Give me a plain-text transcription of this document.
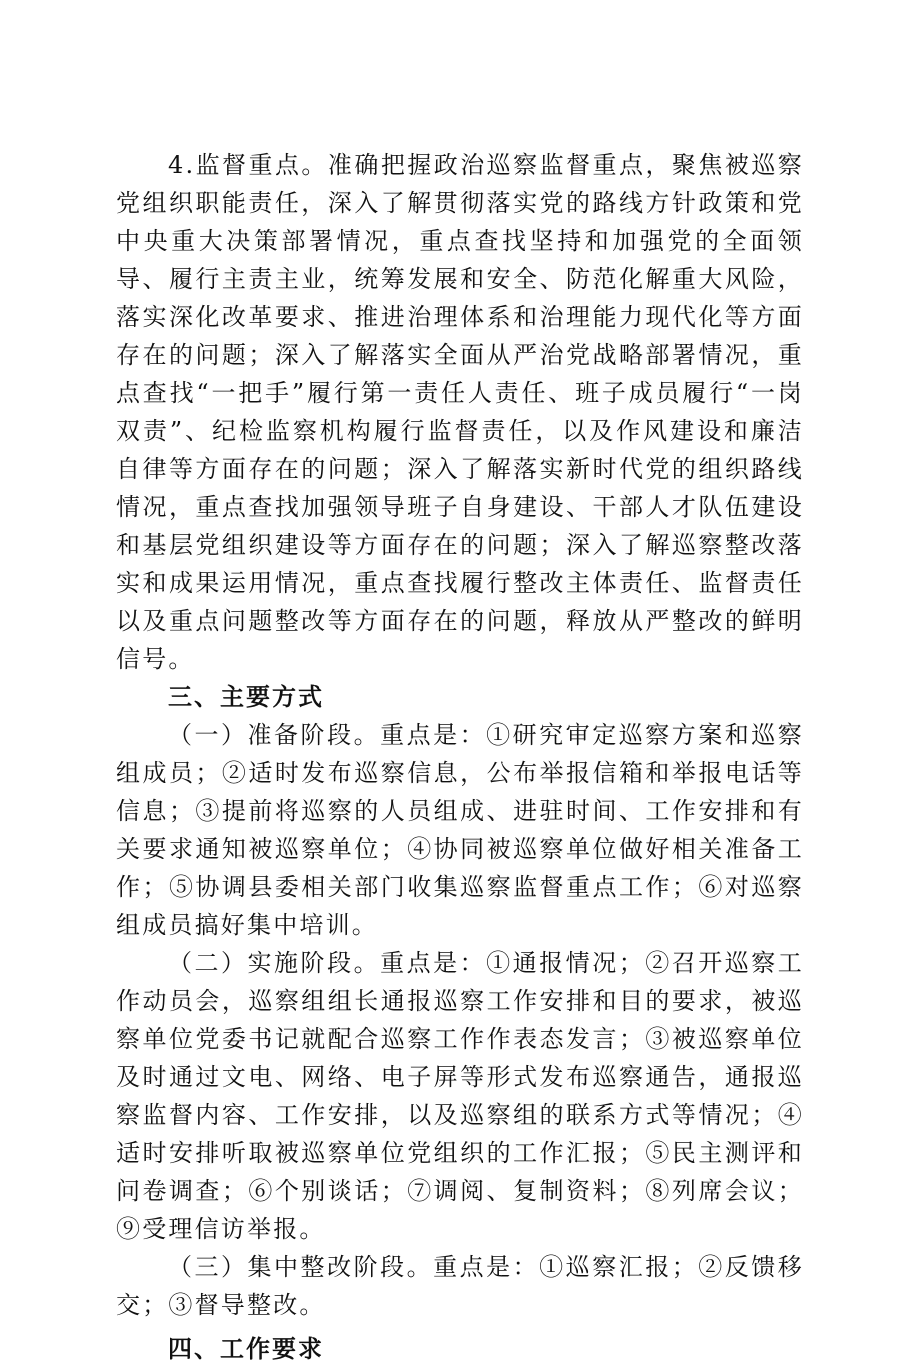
4.监督重点。准确把握政治巡察监督重点，聚焦被巡察党组织职能责任，深入了解贯彻落实党的路线方针政策和党中央重大决策部署情况，重点查找坚持和加强党的全面领导、履行主责主业，统筹发展和安全、防范化解重大风险，落实深化改革要求、推进治理体系和治理能力现代化等方面存在的问题；深入了解落实全面从严治党战略部署情况，重点查找“一把手”履行第一责任人责任、班子成员履行“一岗双责”、纪检监察机构履行监督责任，以及作风建设和廉洁自律等方面存在的问题；深入了解落实新时代党的组织路线情况，重点查找加强领导班子自身建设、干部人才队伍建设和基层党组织建设等方面存在的问题；深入了解巡察整改落实和成果运用情况，重点查找履行整改主体责任、监督责任以及重点问题整改等方面存在的问题，释放从严整改的鲜明信号。

三、主要方式

（一）准备阶段。重点是：①研究审定巡察方案和巡察组成员；②适时发布巡察信息，公布举报信箱和举报电话等信息；③提前将巡察的人员组成、进驻时间、工作安排和有关要求通知被巡察单位；④协同被巡察单位做好相关准备工作；⑤协调县委相关部门收集巡察监督重点工作；⑥对巡察组成员搞好集中培训。

（二）实施阶段。重点是：①通报情况；②召开巡察工作动员会，巡察组组长通报巡察工作安排和目的要求，被巡察单位党委书记就配合巡察工作作表态发言；③被巡察单位及时通过文电、网络、电子屏等形式发布巡察通告，通报巡察监督内容、工作安排，以及巡察组的联系方式等情况；④适时安排听取被巡察单位党组织的工作汇报；⑤民主测评和问卷调查；⑥个别谈话；⑦调阅、复制资料；⑧列席会议；⑨受理信访举报。

（三）集中整改阶段。重点是：①巡察汇报；②反馈移交；③督导整改。

四、工作要求
